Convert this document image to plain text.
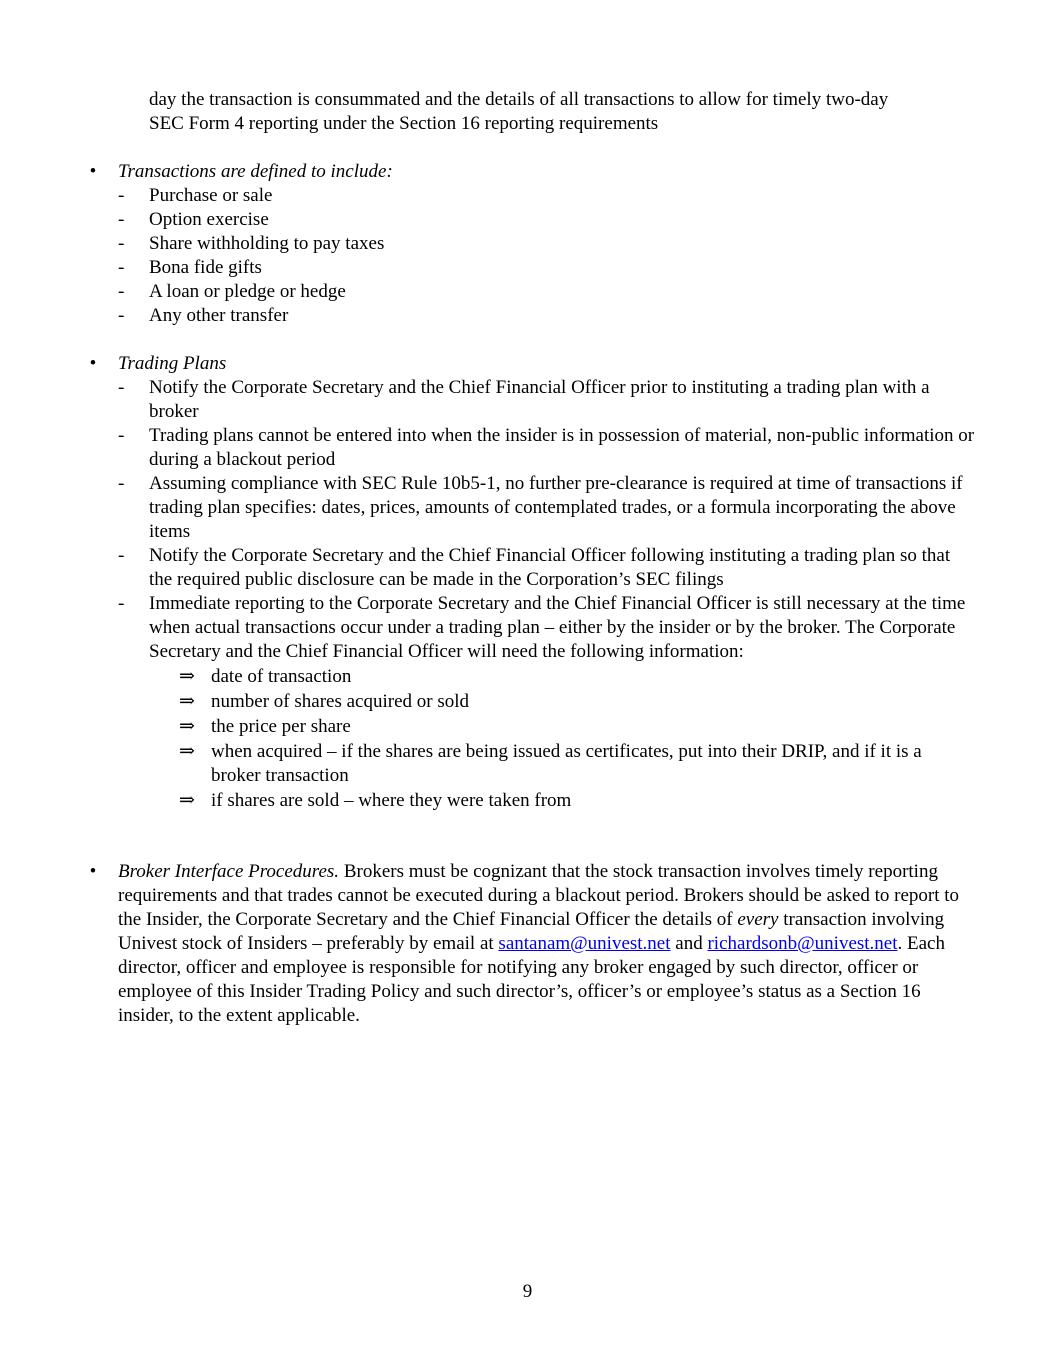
day the transaction is consummated and the details of all transactions to allow for timely two-day
SEC Form 4 reporting under the Section 16 reporting requirements
• Transactions are defined to include:
- Purchase or sale
- Option exercise
- Share withholding to pay taxes
- Bona fide gifts
- A loan or pledge or hedge
- Any other transfer
• Trading Plans
- Notify the Corporate Secretary and the Chief Financial Officer prior to instituting a trading plan with a broker
- Trading plans cannot be entered into when the insider is in possession of material, non-public information or during a blackout period
- Assuming compliance with SEC Rule 10b5-1, no further pre-clearance is required at time of transactions if trading plan specifies: dates, prices, amounts of contemplated trades, or a formula incorporating the above items
- Notify the Corporate Secretary and the Chief Financial Officer following instituting a trading plan so that the required public disclosure can be made in the Corporation’s SEC filings
- Immediate reporting to the Corporate Secretary and the Chief Financial Officer is still necessary at the time when actual transactions occur under a trading plan – either by the insider or by the broker. The Corporate Secretary and the Chief Financial Officer will need the following information:
⇒ date of transaction
⇒ number of shares acquired or sold
⇒ the price per share
⇒ when acquired – if the shares are being issued as certificates, put into their DRIP, and if it is a broker transaction
⇒ if shares are sold – where they were taken from
• Broker Interface Procedures. Brokers must be cognizant that the stock transaction involves timely reporting requirements and that trades cannot be executed during a blackout period. Brokers should be asked to report to the Insider, the Corporate Secretary and the Chief Financial Officer the details of every transaction involving Univest stock of Insiders – preferably by email at santanam@univest.net and richardsonb@univest.net. Each director, officer and employee is responsible for notifying any broker engaged by such director, officer or employee of this Insider Trading Policy and such director’s, officer’s or employee’s status as a Section 16 insider, to the extent applicable.

9
